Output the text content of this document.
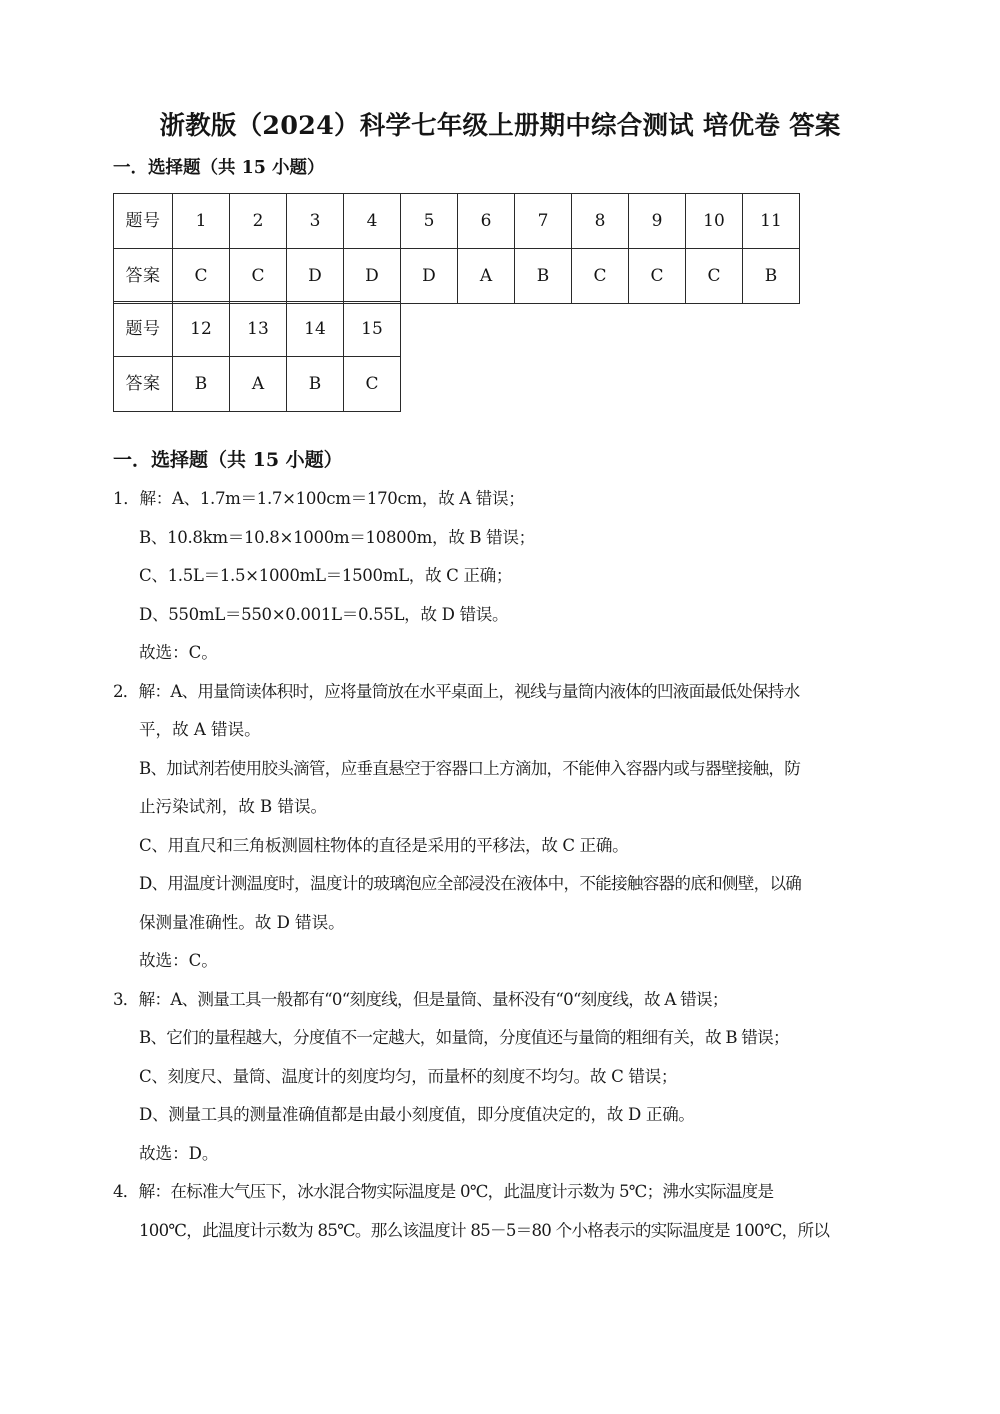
浙教版（2024）科学七年级上册期中综合测试 培优卷 答案
一．选择题（共 15 小题）
题号	1	2	3	4	5	6	7	8	9	10	11
答案	C	C	D	D	D	A	B	C	C	C	B
题号	12	13	14	15
答案	B	A	B	C
一．选择题（共 15 小题）
1．解：A、1.7m＝1.7×100cm＝170cm，故 A 错误；
B、10.8km＝10.8×1000m＝10800m，故 B 错误；
C、1.5L＝1.5×1000mL＝1500mL，故 C 正确；
D、550mL＝550×0.001L＝0.55L，故 D 错误。
故选：C。
2．解：A、用量筒读体积时，应将量筒放在水平桌面上，视线与量筒内液体的凹液面最低处保持水
平，故 A 错误。
B、加试剂若使用胶头滴管，应垂直悬空于容器口上方滴加，不能伸入容器内或与器壁接触，防
止污染试剂，故 B 错误。
C、用直尺和三角板测圆柱物体的直径是采用的平移法，故 C 正确。
D、用温度计测温度时，温度计的玻璃泡应全部浸没在液体中，不能接触容器的底和侧壁，以确
保测量准确性。故 D 错误。
故选：C。
3．解：A、测量工具一般都有“0“刻度线，但是量筒、量杯没有“0“刻度线，故 A 错误；
B、它们的量程越大，分度值不一定越大，如量筒，分度值还与量筒的粗细有关，故 B 错误；
C、刻度尺、量筒、温度计的刻度均匀，而量杯的刻度不均匀。故 C 错误；
D、测量工具的测量准确值都是由最小刻度值，即分度值决定的，故 D 正确。
故选：D。
4．解：在标准大气压下，冰水混合物实际温度是 0℃，此温度计示数为 5℃；沸水实际温度是
100℃，此温度计示数为 85℃。那么该温度计 85－5＝80 个小格表示的实际温度是 100℃，所以
